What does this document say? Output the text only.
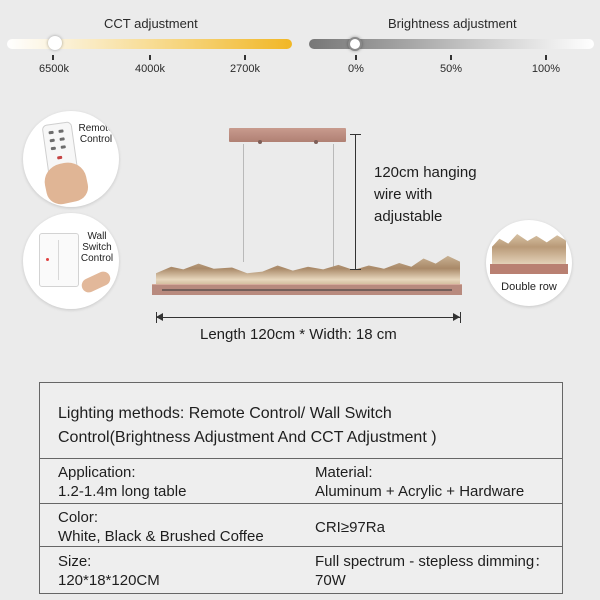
CCT adjustment
6500k	4000k	2700k
Brightness adjustment
0%	50%	100%
Remote
Control
Wall
Switch
Control
Double row
120cm hanging
wire with
adjustable
Length 120cm * Width: 18 cm
Lighting methods: Remote Control/ Wall Switch
Control(Brightness Adjustment And CCT Adjustment )
Application:
1.2-1.4m long table
Material:
Aluminum + Acrylic + Hardware
Color:
White, Black & Brushed Coffee
CRI≥97Ra
Size:
120*18*120CM
Full spectrum - stepless dimming：
70W
